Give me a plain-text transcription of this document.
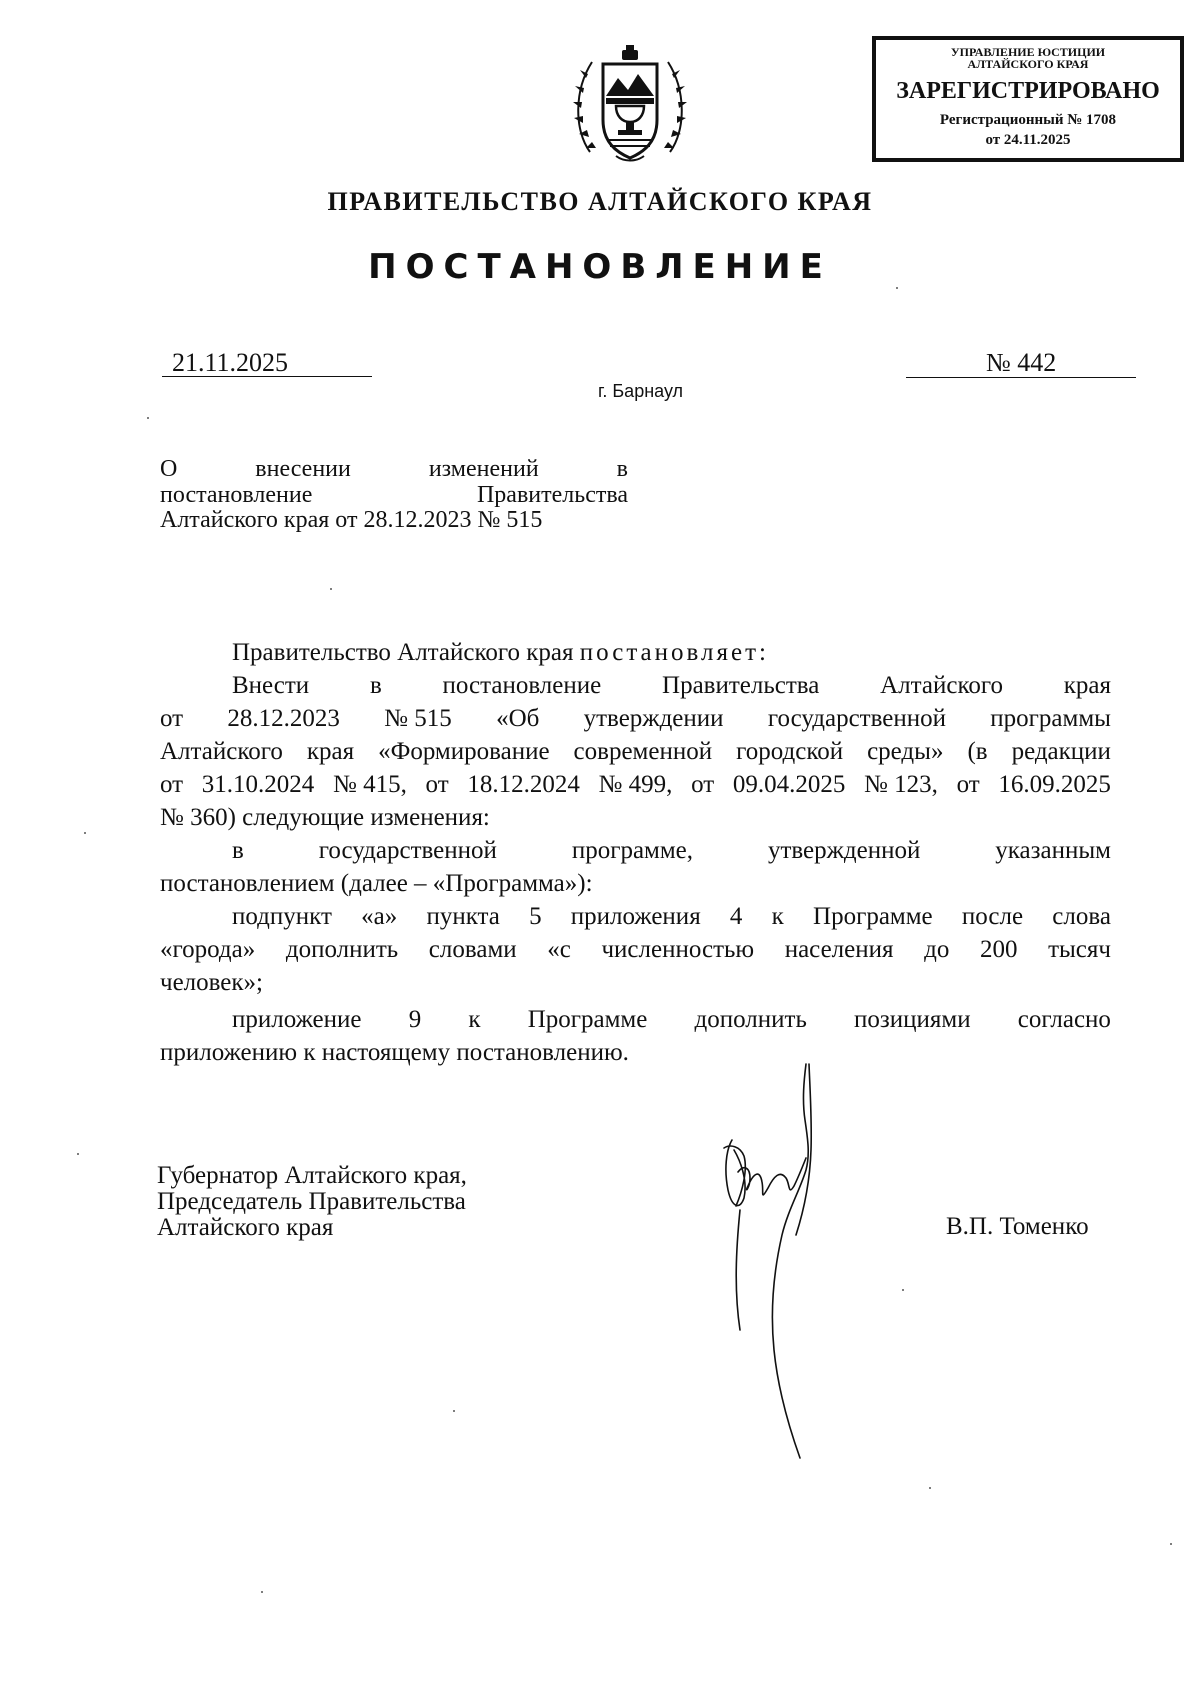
УПРАВЛЕНИЕ ЮСТИЦИИ
АЛТАЙСКОГО КРАЯ
ЗАРЕГИСТРИРОВАНО
Регистрационный № 1708
от 24.11.2025
ПРАВИТЕЛЬСТВО АЛТАЙСКОГО КРАЯ
ПОСТАНОВЛЕНИЕ
21.11.2025	№ 442
г. Барнаул
О	внесении	изменений	в
постановление	Правительства
Алтайского края от 28.12.2023 № 515
Правительство Алтайского края постановляет:
Внести в постановление Правительства Алтайского края
от 28.12.2023 № 515 «Об утверждении государственной программы
Алтайского края «Формирование современной городской среды» (в редакции
от 31.10.2024 № 415, от 18.12.2024 № 499, от 09.04.2025 № 123, от 16.09.2025
№ 360) следующие изменения:
в	государственной	программе,	утвержденной	указанным
постановлением (далее – «Программа»):
подпункт «а» пункта 5 приложения 4 к Программе после слова
«города» дополнить словами «с численностью населения до 200 тысяч
человек»;
приложение 9 к Программе дополнить позициями согласно
приложению к настоящему постановлению.
Губернатор Алтайского края,
Председатель Правительства
Алтайского края	В.П. Томенко
